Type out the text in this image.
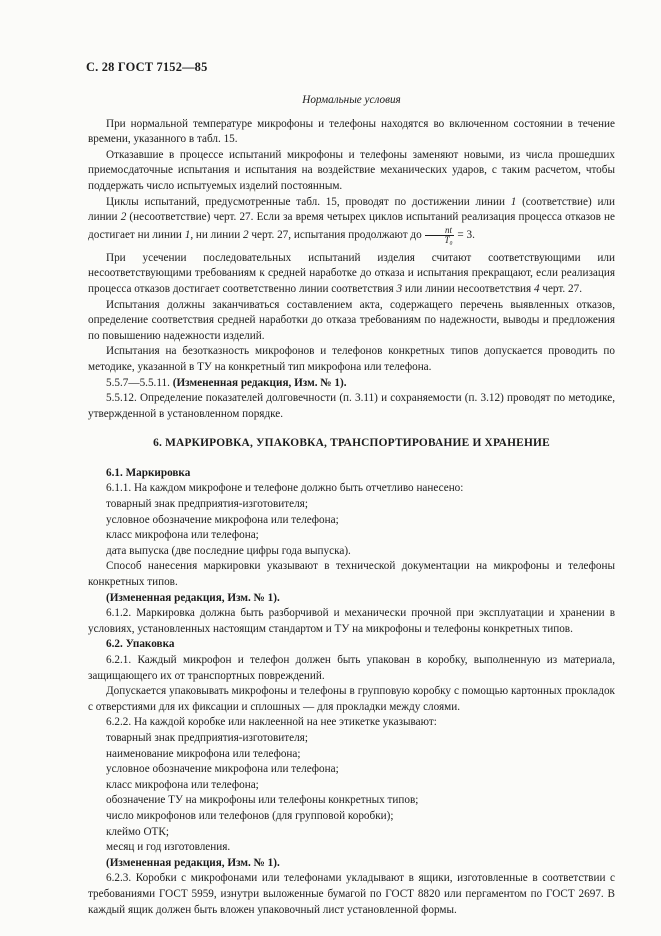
С. 28 ГОСТ 7152—85

Нормальные условия

При нормальной температуре микрофоны и телефоны находятся во включенном состоянии в течение времени, указанного в табл. 15.

Отказавшие в процессе испытаний микрофоны и телефоны заменяют новыми, из числа прошедших приемосдаточные испытания и испытания на воздействие механических ударов, с таким расчетом, чтобы поддержать число испытуемых изделий постоянным.

Циклы испытаний, предусмотренные табл. 15, проводят по достижении линии 1 (соответствие) или линии 2 (несоответствие) черт. 27. Если за время четырех циклов испытаний реализация процесса отказов не достигает ни линии 1, ни линии 2 черт. 27, испытания продолжают до $\frac{nt}{\text{T₀}} = 3$.

При усечении последовательных испытаний изделия считают соответствующими или несоответствующими требованиям к средней наработке до отказа и испытания прекращают, если реализация процесса отказов достигает соответственно линии соответствия 3 или линии несоответствия 4 черт. 27.

Испытания должны заканчиваться составлением акта, содержащего перечень выявленных отказов, определение соответствия средней наработки до отказа требованиям по надежности, выводы и предложения по повышению надежности изделий.

Испытания на безотказность микрофонов и телефонов конкретных типов допускается проводить по методике, указанной в ТУ на конкретный тип микрофона или телефона.

5.5.7—5.5.11. (Измененная редакция, Изм. № 1).

5.5.12. Определение показателей долговечности (п. 3.11) и сохраняемости (п. 3.12) проводят по методике, утвержденной в установленном порядке.

6. МАРКИРОВКА, УПАКОВКА, ТРАНСПОРТИРОВАНИЕ И ХРАНЕНИЕ

6.1. Маркировка

6.1.1. На каждом микрофоне и телефоне должно быть отчетливо нанесено:

товарный знак предприятия-изготовителя;

условное обозначение микрофона или телефона;

класс микрофона или телефона;

дата выпуска (две последние цифры года выпуска).

Способ нанесения маркировки указывают в технической документации на микрофоны и телефоны конкретных типов.

(Измененная редакция, Изм. № 1).

6.1.2. Маркировка должна быть разборчивой и механически прочной при эксплуатации и хранении в условиях, установленных настоящим стандартом и ТУ на микрофоны и телефоны конкретных типов.

6.2. Упаковка

6.2.1. Каждый микрофон и телефон должен быть упакован в коробку, выполненную из материала, защищающего их от транспортных повреждений.

Допускается упаковывать микрофоны и телефоны в групповую коробку с помощью картонных прокладок с отверстиями для их фиксации и сплошных — для прокладки между слоями.

6.2.2. На каждой коробке или наклеенной на нее этикетке указывают:

товарный знак предприятия-изготовителя;

наименование микрофона или телефона;

условное обозначение микрофона или телефона;

класс микрофона или телефона;

обозначение ТУ на микрофоны или телефоны конкретных типов;

число микрофонов или телефонов (для групповой коробки);

клеймо ОТК;

месяц и год изготовления.

(Измененная редакция, Изм. № 1).

6.2.3. Коробки с микрофонами или телефонами укладывают в ящики, изготовленные в соответствии с требованиями ГОСТ 5959, изнутри выложенные бумагой по ГОСТ 8820 или пергаментом по ГОСТ 2697. В каждый ящик должен быть вложен упаковочный лист установленной формы.
